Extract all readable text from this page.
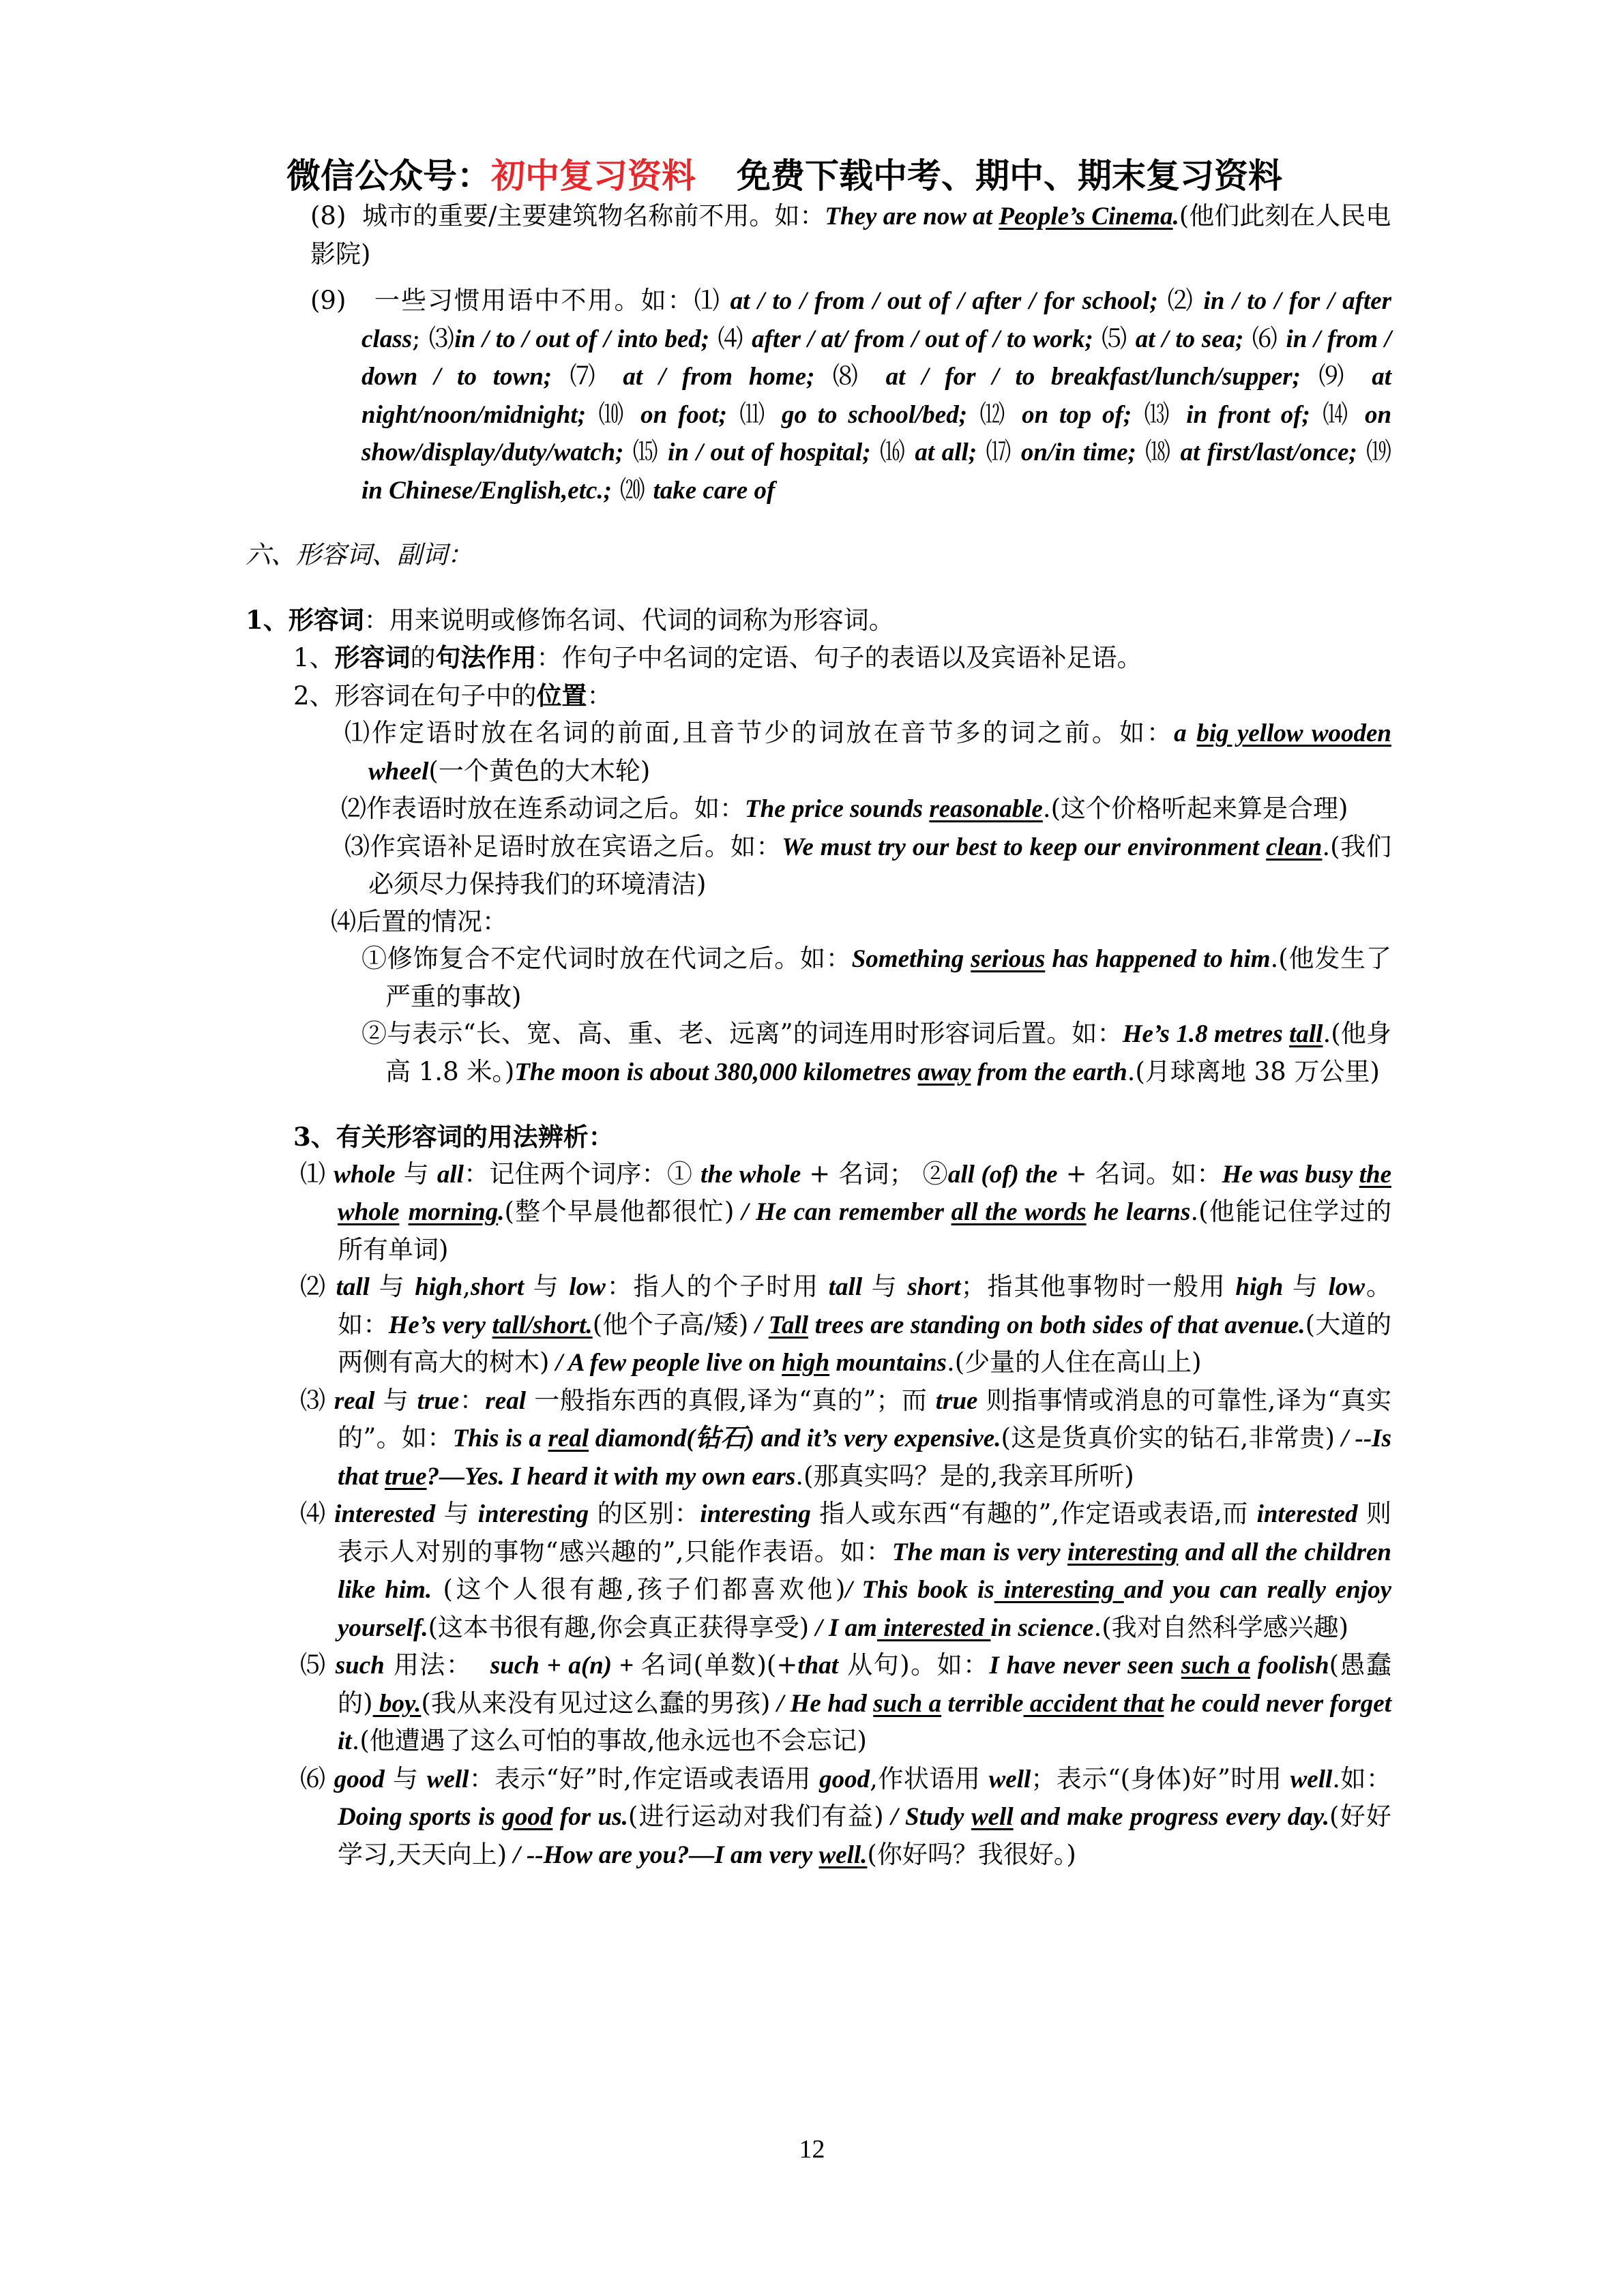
微信公众号：初中复习资料 免费下载中考、期中、期末复习资料

(8) 城市的重要/主要建筑物名称前不用。如：They are now at People’s Cinema.(他们此刻在人民电影院)

(9) 一些习惯用语中不用。如：⑴ at / to / from / out of / after / for school; ⑵ in / to / for / after class; ⑶in / to / out of / into bed; ⑷ after / at/ from / out of / to work; ⑸ at / to sea; ⑹ in / from / down / to town; ⑺ at / from home; ⑻ at / for / to breakfast/lunch/supper; ⑼ at night/noon/midnight; ⑽ on foot; ⑾ go to school/bed; ⑿ on top of; ⒀ in front of; ⒁ on show/display/duty/watch; ⒂ in / out of hospital; ⒃ at all; ⒄ on/in time; ⒅ at first/last/once; ⒆ in Chinese/English,etc.; ⒇ take care of

六、形容词、副词：

1、形容词：用来说明或修饰名词、代词的词称为形容词。

1、形容词的句法作用：作句子中名词的定语、句子的表语以及宾语补足语。

2、形容词在句子中的位置：

⑴作定语时放在名词的前面,且音节少的词放在音节多的词之前。如：a big yellow wooden wheel(一个黄色的大木轮)

⑵作表语时放在连系动词之后。如：The price sounds reasonable.(这个价格听起来算是合理)

⑶作宾语补足语时放在宾语之后。如：We must try our best to keep our environment clean.(我们必须尽力保持我们的环境清洁)

⑷后置的情况：

①修饰复合不定代词时放在代词之后。如：Something serious has happened to him.(他发生了严重的事故)

②与表示“长、宽、高、重、老、远离”的词连用时形容词后置。如：He’s 1.8 metres tall.(他身高 1.8 米。)The moon is about 380,000 kilometres away from the earth.(月球离地 38 万公里)

3、有关形容词的用法辨析：

⑴ whole 与 all：记住两个词序：① the whole + 名词； ②all (of) the + 名词。如：He was busy the whole morning.(整个早晨他都很忙) / He can remember all the words he learns.(他能记住学过的所有单词)

⑵ tall 与 high,short 与 low：指人的个子时用 tall 与 short；指其他事物时一般用 high 与 low。如：He’s very tall/short.(他个子高/矮) / Tall trees are standing on both sides of that avenue.(大道的两侧有高大的树木) / A few people live on high mountains.(少量的人住在高山上)

⑶ real 与 true：real 一般指东西的真假,译为“真的”；而 true 则指事情或消息的可靠性,译为“真实的”。如：This is a real diamond(钻石) and it’s very expensive.(这是货真价实的钻石,非常贵) / --Is that true?—Yes. I heard it with my own ears.(那真实吗？是的,我亲耳所听)

⑷ interested 与 interesting 的区别：interesting 指人或东西“有趣的”,作定语或表语,而 interested 则表示人对别的事物“感兴趣的”,只能作表语。如：The man is very interesting and all the children like him. (这个人很有趣,孩子们都喜欢他)/ This book is interesting and you can really enjoy yourself.(这本书很有趣,你会真正获得享受) / I am interested in science.(我对自然科学感兴趣)

⑸ such 用法： such + a(n) + 名词(单数)(+that 从句)。如：I have never seen such a foolish(愚蠢的) boy.(我从来没有见过这么蠢的男孩) / He had such a terrible accident that he could never forget it.(他遭遇了这么可怕的事故,他永远也不会忘记)

⑹ good 与 well：表示“好”时,作定语或表语用 good,作状语用 well；表示“(身体)好”时用 well.如：Doing sports is good for us.(进行运动对我们有益) / Study well and make progress every day.(好好学习,天天向上) / --How are you?—I am very well.(你好吗？我很好。)

12
